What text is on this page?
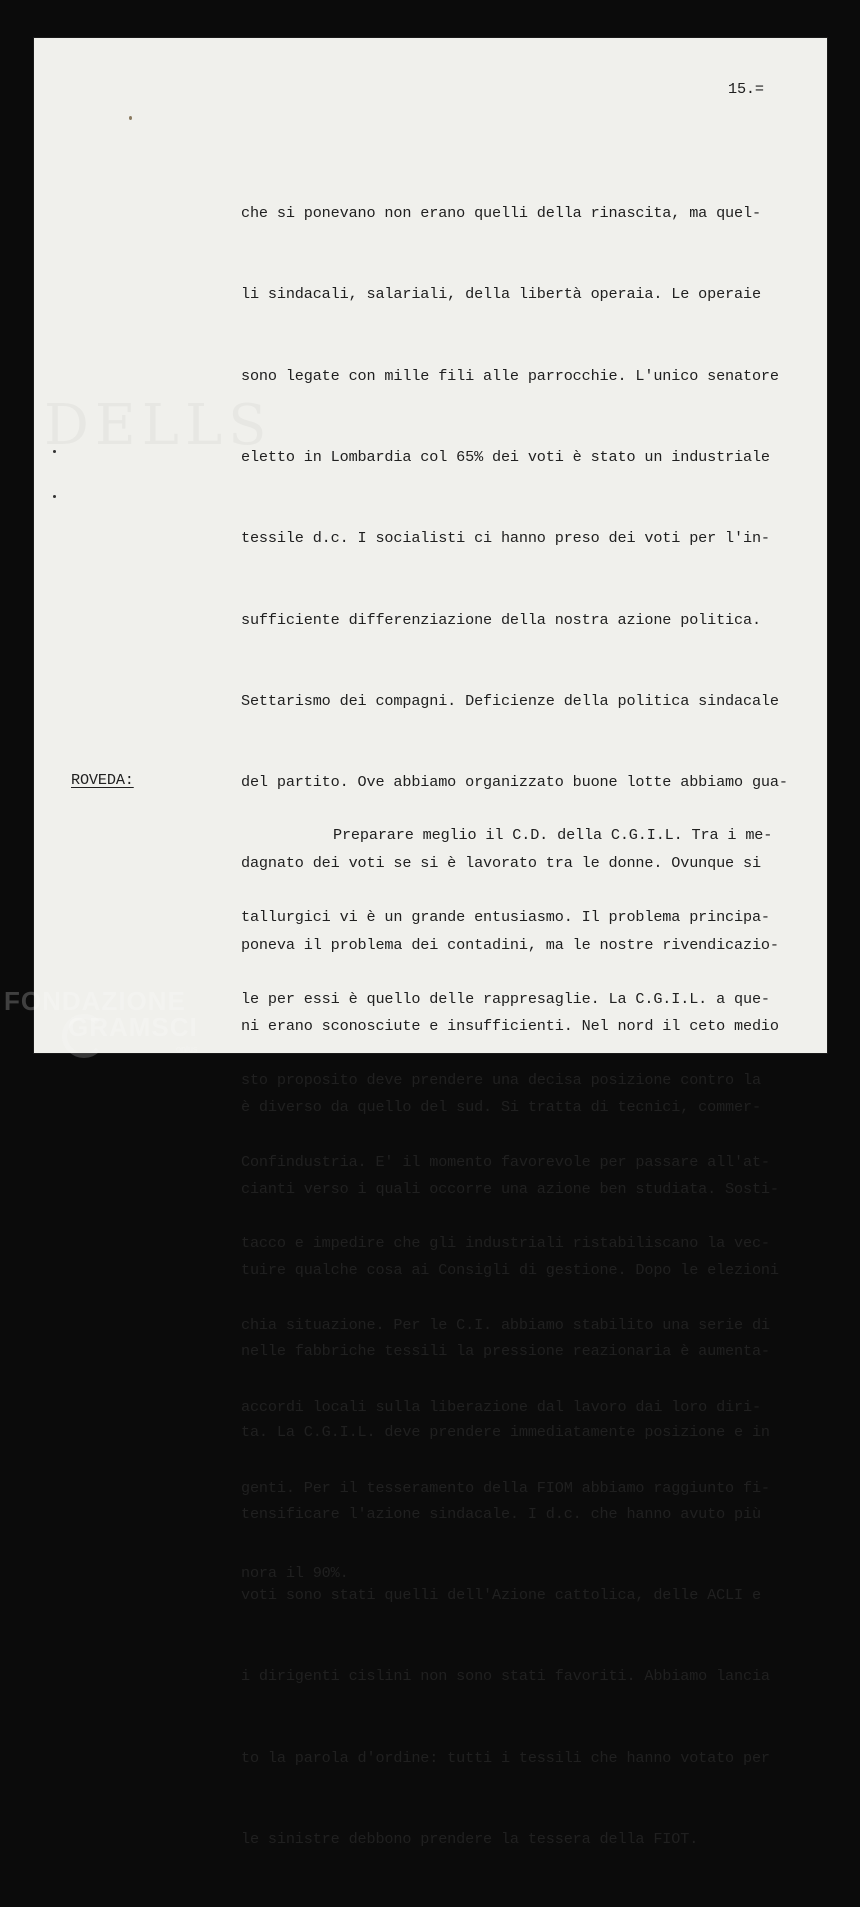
15.=

che si ponevano non erano quelli della rinascita, ma quel-

li sindacali, salariali, della libertà operaia. Le operaie

sono legate con mille fili alle parrocchie. L'unico senatore

eletto in Lombardia col 65% dei voti è stato un industriale

tessile d.c. I socialisti ci hanno preso dei voti per l'in-

sufficiente differenziazione della nostra azione politica.

Settarismo dei compagni. Deficienze della politica sindacale

del partito. Ove abbiamo organizzato buone lotte abbiamo gua-

dagnato dei voti se si è lavorato tra le donne. Ovunque si

poneva il problema dei contadini, ma le nostre rivendicazio-

ni erano sconosciute e insufficienti. Nel nord il ceto medio

è diverso da quello del sud. Si tratta di tecnici, commer-

cianti verso i quali occorre una azione ben studiata. Sosti-

tuire qualche cosa ai Consigli di gestione. Dopo le elezioni

nelle fabbriche tessili la pressione reazionaria è aumenta-

ta. La C.G.I.L. deve prendere immediatamente posizione e in

tensificare l'azione sindacale. I d.c. che hanno avuto più

voti sono stati quelli dell'Azione cattolica, delle ACLI e

i dirigenti cislini non sono stati favoriti. Abbiamo lancia

to la parola d'ordine: tutti i tessili che hanno votato per

le sinistre debbono prendere la tessera della FIOT.

ROVEDA:

Preparare meglio il C.D. della C.G.I.L. Tra i me-

tallurgici vi è un grande entusiasmo. Il problema principa-

le per essi è quello delle rappresaglie. La C.G.I.L. a que-

sto proposito deve prendere una decisa posizione contro la

Confindustria. E' il momento favorevole per passare all'at-

tacco e impedire che gli industriali ristabiliscano la vec-

chia situazione. Per le C.I. abbiamo stabilito una serie di

accordi locali sulla liberazione dal lavoro dai loro diri-

genti. Per il tesseramento della FIOM abbiamo raggiunto fi-

nora il 90%.

FONDAZIONE
GRAMSCI
onlus
